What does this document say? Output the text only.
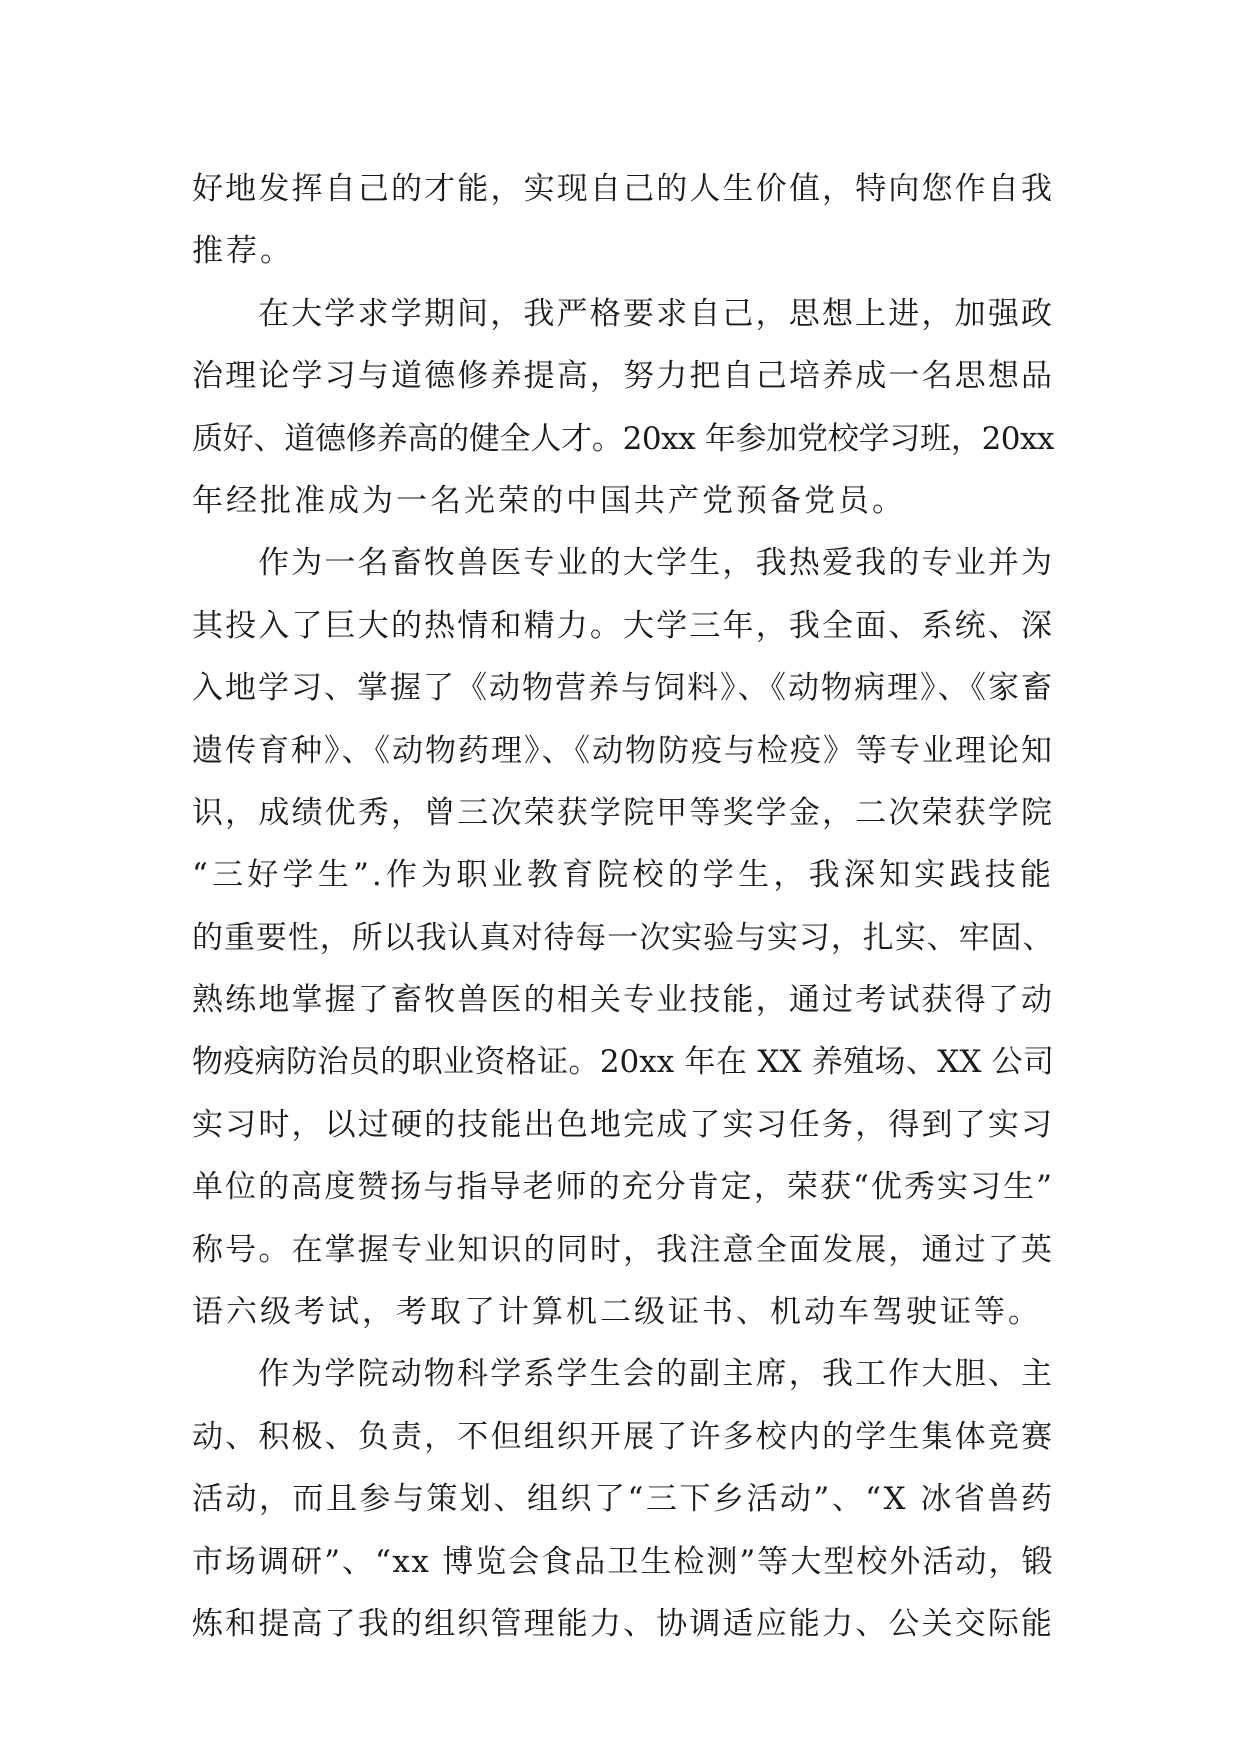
好地发挥自己的才能，实现自己的人生价值，特向您作自我
推荐。
在大学求学期间，我严格要求自己，思想上进，加强政
治理论学习与道德修养提高，努力把自己培养成一名思想品
质好、道德修养高的健全人才。20xx 年参加党校学习班，20xx
年经批准成为一名光荣的中国共产党预备党员。
作为一名畜牧兽医专业的大学生，我热爱我的专业并为
其投入了巨大的热情和精力。大学三年，我全面、系统、深
入地学习、掌握了《动物营养与饲料》、《动物病理》、《家畜
遗传育种》、《动物药理》、《动物防疫与检疫》等专业理论知
识，成绩优秀，曾三次荣获学院甲等奖学金，二次荣获学院
“三好学生”.作为职业教育院校的学生，我深知实践技能
的重要性，所以我认真对待每一次实验与实习，扎实、牢固、
熟练地掌握了畜牧兽医的相关专业技能，通过考试获得了动
物疫病防治员的职业资格证。20xx 年在 XX 养殖场、XX 公司
实习时，以过硬的技能出色地完成了实习任务，得到了实习
单位的高度赞扬与指导老师的充分肯定，荣获“优秀实习生”
称号。在掌握专业知识的同时，我注意全面发展，通过了英
语六级考试，考取了计算机二级证书、机动车驾驶证等。
作为学院动物科学系学生会的副主席，我工作大胆、主
动、积极、负责，不但组织开展了许多校内的学生集体竞赛
活动，而且参与策划、组织了“三下乡活动”、“X 冰省兽药
市场调研”、“xx 博览会食品卫生检测”等大型校外活动，锻
炼和提高了我的组织管理能力、协调适应能力、公关交际能
